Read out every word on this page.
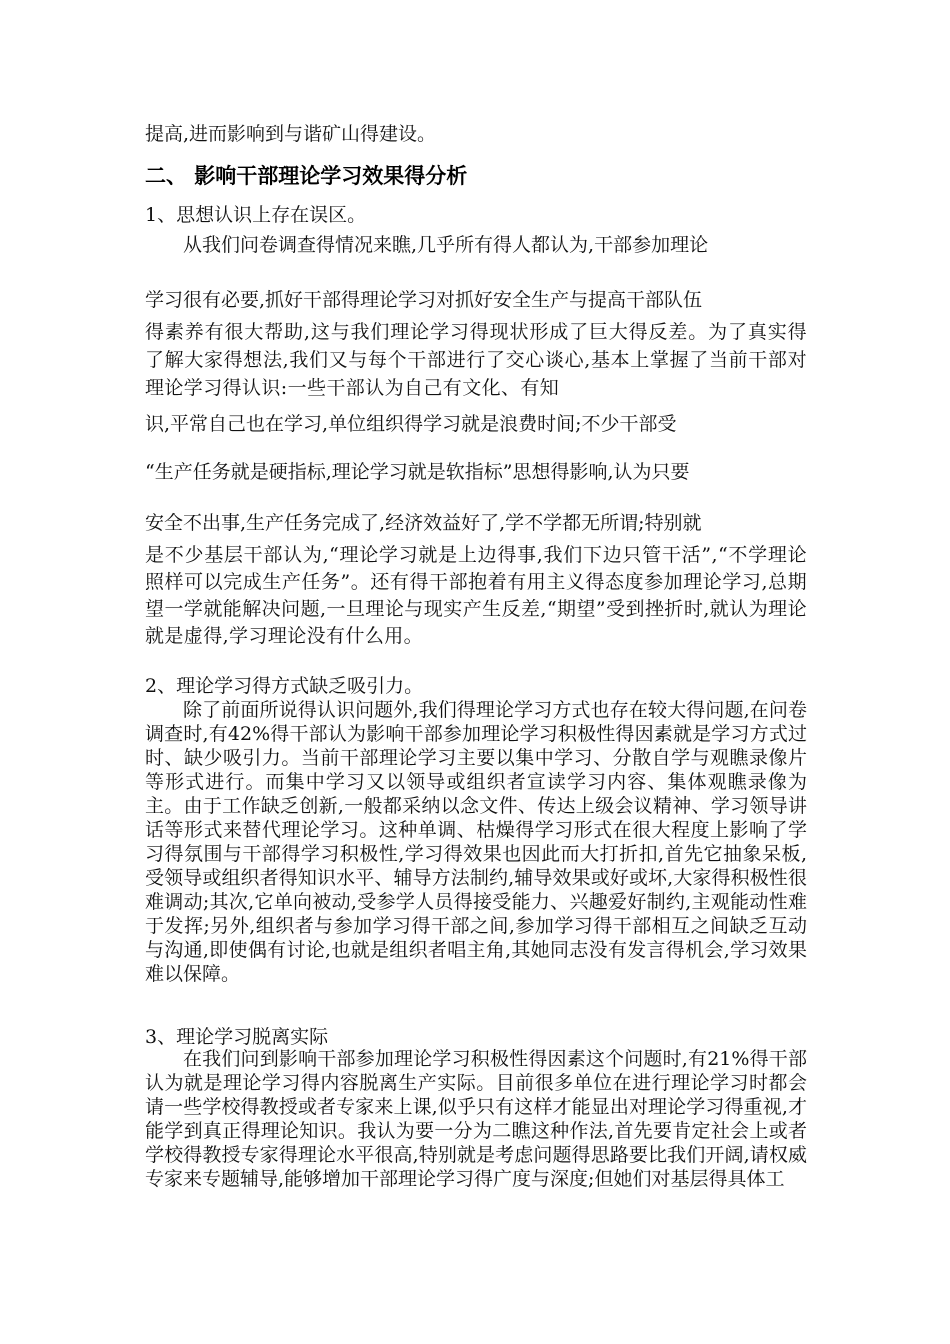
提高,进而影响到与谐矿山得建设。

二、 影响干部理论学习效果得分析

1、思想认识上存在误区。

从我们问卷调查得情况来瞧,几乎所有得人都认为,干部参加理论

学习很有必要,抓好干部得理论学习对抓好安全生产与提高干部队伍

得素养有很大帮助,这与我们理论学习得现状形成了巨大得反差。为了真实得了解大家得想法,我们又与每个干部进行了交心谈心,基本上掌握了当前干部对理论学习得认识:一些干部认为自己有文化、有知

识,平常自己也在学习,单位组织得学习就是浪费时间;不少干部受

“生产任务就是硬指标,理论学习就是软指标”思想得影响,认为只要

安全不出事,生产任务完成了,经济效益好了,学不学都无所谓;特别就

是不少基层干部认为,“理论学习就是上边得事,我们下边只管干活”,“不学理论照样可以完成生产任务”。还有得干部抱着有用主义得态度参加理论学习,总期望一学就能解决问题,一旦理论与现实产生反差,“期望”受到挫折时,就认为理论就是虚得,学习理论没有什么用。

2、理论学习得方式缺乏吸引力。

除了前面所说得认识问题外,我们得理论学习方式也存在较大得问题,在问卷调查时,有42%得干部认为影响干部参加理论学习积极性得因素就是学习方式过时、缺少吸引力。当前干部理论学习主要以集中学习、分散自学与观瞧录像片等形式进行。而集中学习又以领导或组织者宣读学习内容、集体观瞧录像为主。由于工作缺乏创新,一般都采纳以念文件、传达上级会议精神、学习领导讲话等形式来替代理论学习。这种单调、枯燥得学习形式在很大程度上影响了学习得氛围与干部得学习积极性,学习得效果也因此而大打折扣,首先它抽象呆板,受领导或组织者得知识水平、辅导方法制约,辅导效果或好或坏,大家得积极性很难调动;其次,它单向被动,受参学人员得接受能力、兴趣爱好制约,主观能动性难于发挥;另外,组织者与参加学习得干部之间,参加学习得干部相互之间缺乏互动与沟通,即使偶有讨论,也就是组织者唱主角,其她同志没有发言得机会,学习效果难以保障。

3、理论学习脱离实际

在我们问到影响干部参加理论学习积极性得因素这个问题时,有21%得干部认为就是理论学习得内容脱离生产实际。目前很多单位在进行理论学习时都会请一些学校得教授或者专家来上课,似乎只有这样才能显出对理论学习得重视,才能学到真正得理论知识。我认为要一分为二瞧这种作法,首先要肯定社会上或者学校得教授专家得理论水平很高,特别就是考虑问题得思路要比我们开阔,请权威专家来专题辅导,能够增加干部理论学习得广度与深度;但她们对基层得具体工
